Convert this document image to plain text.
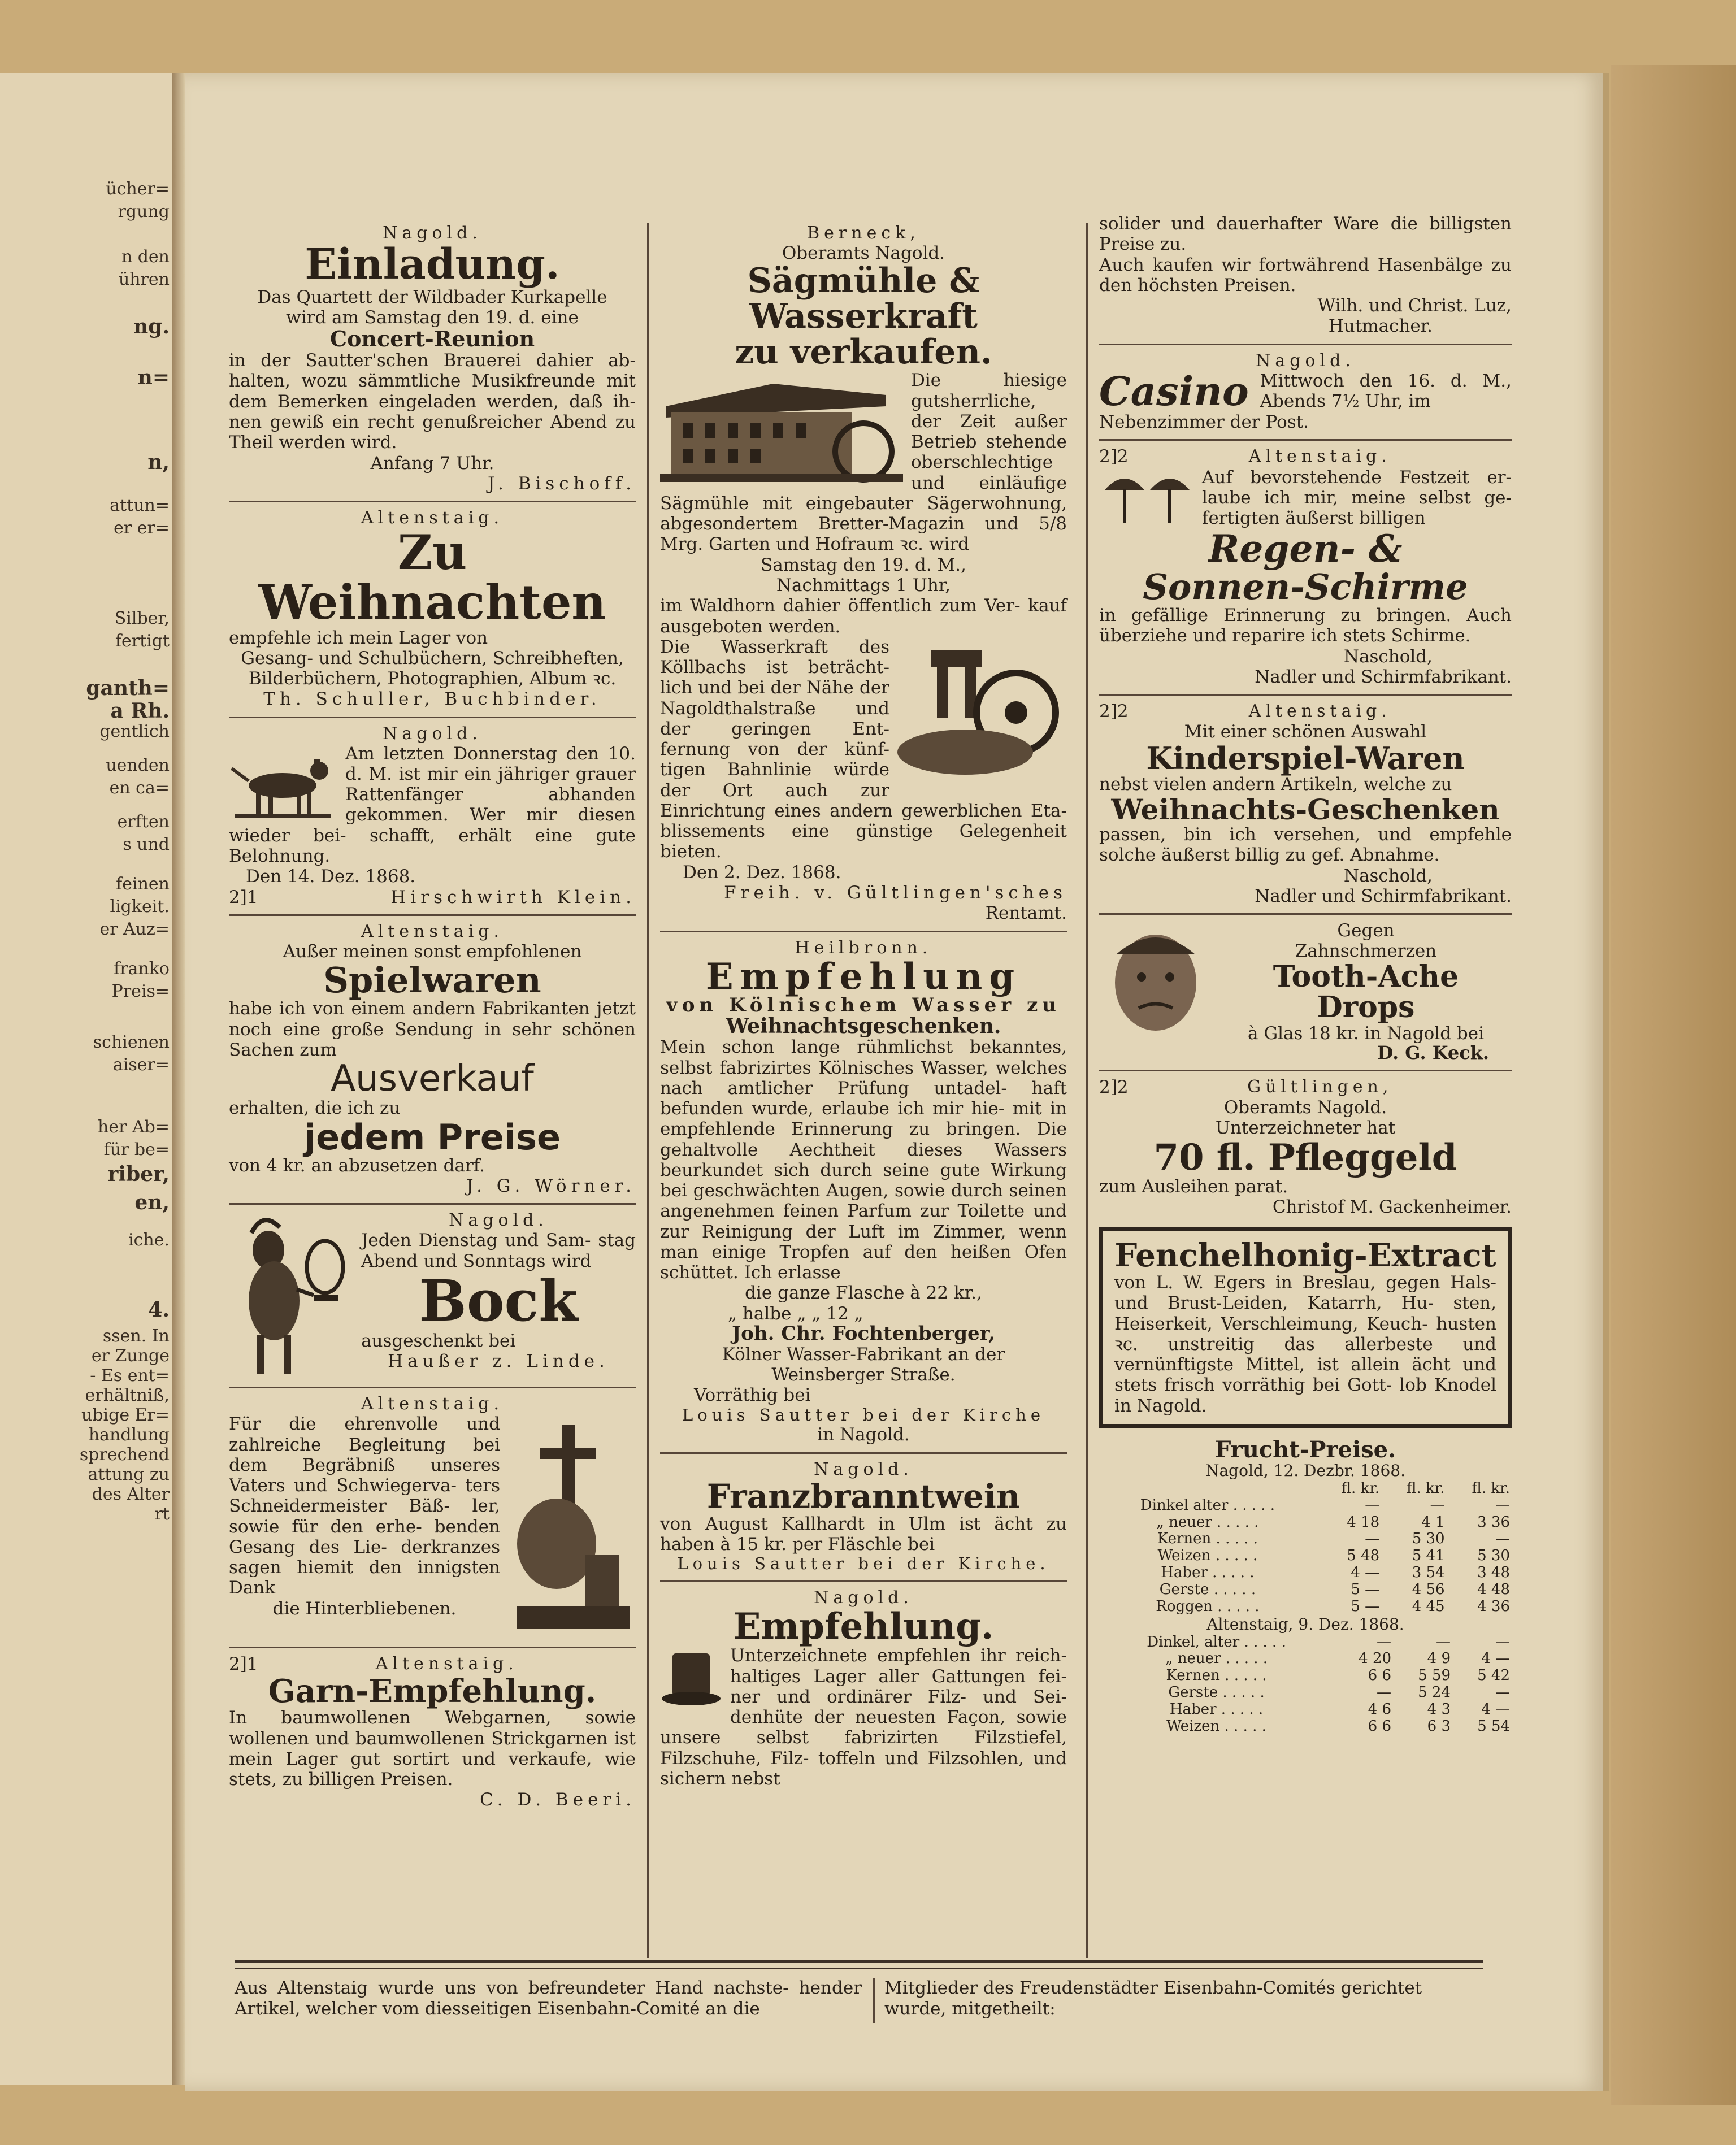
ücher=
rgung
n den
ühren
ng.
n=
n,
attun=
er er=
Silber,
fertigt
ganth=
a Rh.
gentlich
uenden
en ca=
erften
s und
feinen
ligkeit.
er Auz=
franko
Preis=
schienen
aiser=
her Ab=
für be=
riber,
en,
iche.
4.
ssen. In
er Zunge
- Es ent=
erhältniß,
ubige Er=
handlung
sprechend
attung zu
des Alter
rt

Nagold.

Einladung.

Das Quartett der Wildbader Kurkapelle

wird am Samstag den 19. d. eine

Concert-Reunion

in der Sautter'schen Brauerei dahier ab- halten, wozu sämmtliche Musikfreunde mit dem Bemerken eingeladen werden, daß ih- nen gewiß ein recht genußreicher Abend zu Theil werden wird.

Anfang 7 Uhr.

J. Bischoff.

Altenstaig.

Zu Weihnachten

empfehle ich mein Lager von

Gesang- und Schulbüchern, Schreibheften,

Bilderbüchern, Photographien, Album ꝛc.

Th. Schuller, Buchbinder.

Nagold.

Am letzten Donnerstag den 10. d. M. ist mir ein jähriger grauer Rattenfänger abhanden gekommen. Wer mir diesen wieder bei- schafft, erhält eine gute Belohnung.

Den 14. Dez. 1868.

2]1	Hirschwirth Klein.

Altenstaig.

Außer meinen sonst empfohlenen

Spielwaren

habe ich von einem andern Fabrikanten jetzt noch eine große Sendung in sehr schönen Sachen zum

Ausverkauf

erhalten, die ich zu

jedem Preise

von 4 kr. an abzusetzen darf.

J. G. Wörner.

Nagold.

Jeden Dienstag und Sam- stag Abend und Sonntags wird

Bock

ausgeschenkt bei

Haußer z. Linde.

Altenstaig.

Für die ehrenvolle und zahlreiche Begleitung bei dem Begräbniß unseres Vaters und Schwiegerva- ters Schneidermeister Bäß- ler, sowie für den erhe- benden Gesang des Lie- derkranzes sagen hiemit den innigsten Dank

die Hinterbliebenen.

2]1	Altenstaig.

Garn-Empfehlung.

In baumwollenen Webgarnen, sowie wollenen und baumwollenen Strickgarnen ist mein Lager gut sortirt und verkaufe, wie stets, zu billigen Preisen.

C. D. Beeri.

Berneck,

Oberamts Nagold.

Sägmühle & Wasserkraft

zu verkaufen.

Die hiesige gutsherrliche, der Zeit außer Betrieb stehende oberschlechtige und einläufige Sägmühle mit eingebauter Sägerwohnung, abgesondertem Bretter-Magazin und 5/8 Mrg. Garten und Hofraum ꝛc. wird

Samstag den 19. d. M.,

Nachmittags 1 Uhr,

im Waldhorn dahier öffentlich zum Ver- kauf ausgeboten werden.

Die Wasserkraft des Köllbachs ist beträcht- lich und bei der Nähe der Nagoldthalstraße und der geringen Ent- fernung von der künf- tigen Bahnlinie würde der Ort auch zur Einrichtung eines andern gewerblichen Eta- blissements eine günstige Gelegenheit bieten.

Den 2. Dez. 1868.

Freih. v. Gültlingen'sches

Rentamt.

Heilbronn.

Empfehlung

von Kölnischem Wasser zu

Weihnachtsgeschenken.

Mein schon lange rühmlichst bekanntes, selbst fabrizirtes Kölnisches Wasser, welches nach amtlicher Prüfung untadel- haft befunden wurde, erlaube ich mir hie- mit in empfehlende Erinnerung zu bringen. Die gehaltvolle Aechtheit dieses Wassers beurkundet sich durch seine gute Wirkung bei geschwächten Augen, sowie durch seinen angenehmen feinen Parfum zur Toilette und zur Reinigung der Luft im Zimmer, wenn man einige Tropfen auf den heißen Ofen schüttet. Ich erlasse

die ganze Flasche à 22 kr.,

„ halbe „ „ 12 „

Joh. Chr. Fochtenberger,

Kölner Wasser-Fabrikant an der

Weinsberger Straße.

Vorräthig bei

Louis Sautter bei der Kirche

in Nagold.

Nagold.

Franzbranntwein

von August Kallhardt in Ulm ist ächt zu haben à 15 kr. per Fläschle bei

Louis Sautter bei der Kirche.

Nagold.

Empfehlung.

Unterzeichnete empfehlen ihr reich- haltiges Lager aller Gattungen fei- ner und ordinärer Filz- und Sei- denhüte der neuesten Façon, sowie unsere selbst fabrizirten Filzstiefel, Filzschuhe, Filz- toffeln und Filzsohlen, und sichern nebst

solider und dauerhafter Ware die billigsten Preise zu.

Auch kaufen wir fortwährend Hasenbälge zu den höchsten Preisen.

Wilh. und Christ. Luz,

Hutmacher.

Nagold.

Casino Mittwoch den 16. d. M., Abends 7½ Uhr, im

Nebenzimmer der Post.

2]2	Altenstaig.

Auf bevorstehende Festzeit er- laube ich mir, meine selbst ge- fertigten äußerst billigen

Regen- &

Sonnen-Schirme

in gefällige Erinnerung zu bringen. Auch überziehe und reparire ich stets Schirme.

Naschold,

Nadler und Schirmfabrikant.

2]2	Altenstaig.

Mit einer schönen Auswahl

Kinderspiel-Waren

nebst vielen andern Artikeln, welche zu

Weihnachts-Geschenken

passen, bin ich versehen, und empfehle solche äußerst billig zu gef. Abnahme.

Naschold,

Nadler und Schirmfabrikant.

Gegen

Zahnschmerzen

Tooth-Ache Drops

à Glas 18 kr. in Nagold bei

D. G. Keck.

2]2	Gültlingen,

Oberamts Nagold.

Unterzeichneter hat

70 fl. Pfleggeld

zum Ausleihen parat.

Christof M. Gackenheimer.

Fenchelhonig-Extract

von L. W. Egers in Breslau, gegen Hals- und Brust-Leiden, Katarrh, Hu- sten, Heiserkeit, Verschleimung, Keuch- husten ꝛc. unstreitig das allerbeste und vernünftigste Mittel, ist allein ächt und stets frisch vorräthig bei Gott- lob Knodel in Nagold.

Frucht-Preise.

Nagold, 12. Dezbr. 1868.

	fl. kr.	fl. kr.	fl. kr.
Dinkel alter . . . . .	—	—	—
„ neuer . . . . .	4 18	4 1	3 36
Kernen . . . . .	—	5 30	—
Weizen . . . . .	5 48	5 41	5 30
Haber . . . . .	4 —	3 54	3 48
Gerste . . . . .	5 —	4 56	4 48
Roggen . . . . .	5 —	4 45	4 36

Altenstaig, 9. Dez. 1868.

Dinkel, alter . . . . .	—	—	—
„ neuer . . . . .	4 20	4 9	4 —
Kernen . . . . .	6 6	5 59	5 42
Gerste . . . . .	—	5 24	—
Haber . . . . .	4 6	4 3	4 —
Weizen . . . . .	6 6	6 3	5 54
Aus Altenstaig wurde uns von befreundeter Hand nachste- hender Artikel, welcher vom diesseitigen Eisenbahn-Comité an die
Mitglieder des Freudenstädter Eisenbahn-Comités gerichtet wurde, mitgetheilt:
